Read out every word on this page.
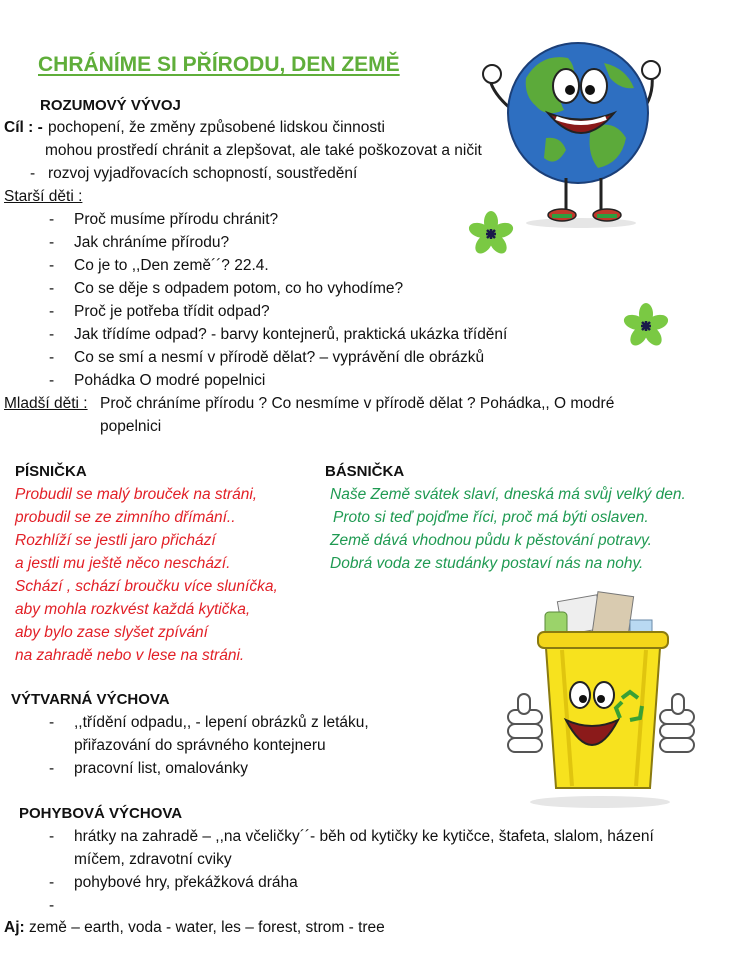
CHRÁNÍME SI PŘÍRODU, DEN ZEMĚ
ROZUMOVÝ VÝVOJ
Cíl : - pochopení, že změny způsobené lidskou činnosti
mohou prostředí chránit a zlepšovat, ale také poškozovat a ničit
- rozvoj vyjadřovacích schopností, soustředění
Starší děti :
- Proč musíme přírodu chránit?
- Jak chráníme přírodu?
- Co je to ,,Den země´´? 22.4.
- Co se děje s odpadem potom, co ho vyhodíme?
- Proč je potřeba třídit odpad?
- Jak třídíme odpad? - barvy kontejnerů, praktická ukázka třídění
- Co se smí a nesmí v přírodě dělat? – vyprávění dle obrázků
- Pohádka O modré popelnici
Mladší děti : Proč chráníme přírodu ? Co nesmíme v přírodě dělat ? Pohádka,, O modré
popelnici
PÍSNIČKA
Probudil se malý brouček na stráni,
probudil se ze zimního dřímání..
Rozhlíží se jestli jaro přichází
a jestli mu ještě něco neschází.
Schází , schází broučku více sluníčka,
aby mohla rozkvést každá kytička,
aby bylo zase slyšet zpívání
na zahradě nebo v lese na stráni.
BÁSNIČKA
Naše Země svátek slaví, dneská má svůj velký den.
Proto si teď pojďme říci, proč má býti oslaven.
Země dává vhodnou půdu k pěstování potravy.
Dobrá voda ze studánky postaví nás na nohy.
VÝTVARNÁ VÝCHOVA
- ,,třídění odpadu,, - lepení obrázků z letáku,
přiřazování do správného kontejneru
- pracovní list, omalovánky
POHYBOVÁ VÝCHOVA
- hrátky na zahradě – ,,na včeličky´´- běh od kytičky ke kytičce, štafeta, slalom, házení
míčem, zdravotní cviky
- pohybové hry, překážková dráha
-
Aj: země – earth, voda - water, les – forest, strom - tree
